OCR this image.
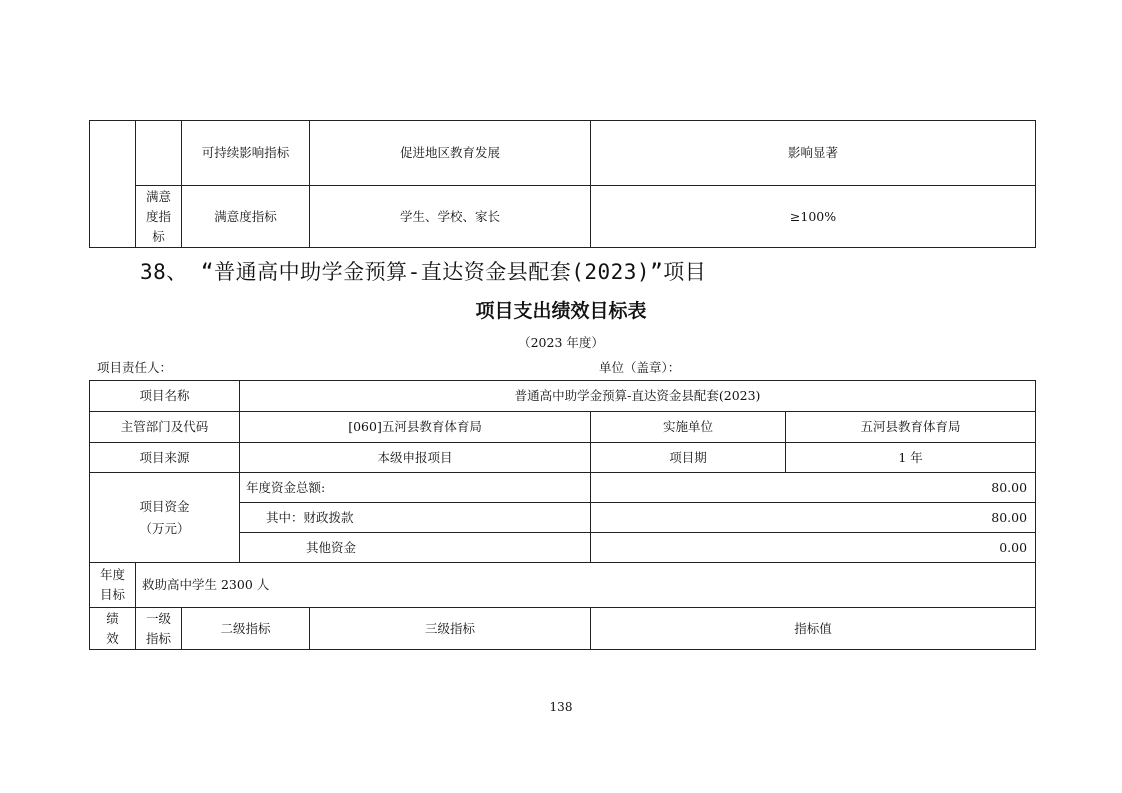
		可持续影响指标	促进地区教育发展	影响显著
	满意
度指
标	满意度指标	学生、学校、家长	≥100%
38、 “普通高中助学金预算-直达资金县配套(2023)”项目
项目支出绩效目标表
（2023 年度）
项目责任人：	单位（盖章）：
项目名称			普通高中助学金预算-直达资金县配套(2023)			
主管部门及代码			[060]五河县教育体育局		实施单位	五河县教育体育局
项目来源			本级申报项目		项目期	1 年
项目资金
（万元）			年度资金总额:		80.00	
			其中：财政拨款		80.00	
			其他资金		0.00	
年度
目标	救助高中学生 2300 人					
绩
效	一级
指标	二级指标		三级指标	指标值	
138
